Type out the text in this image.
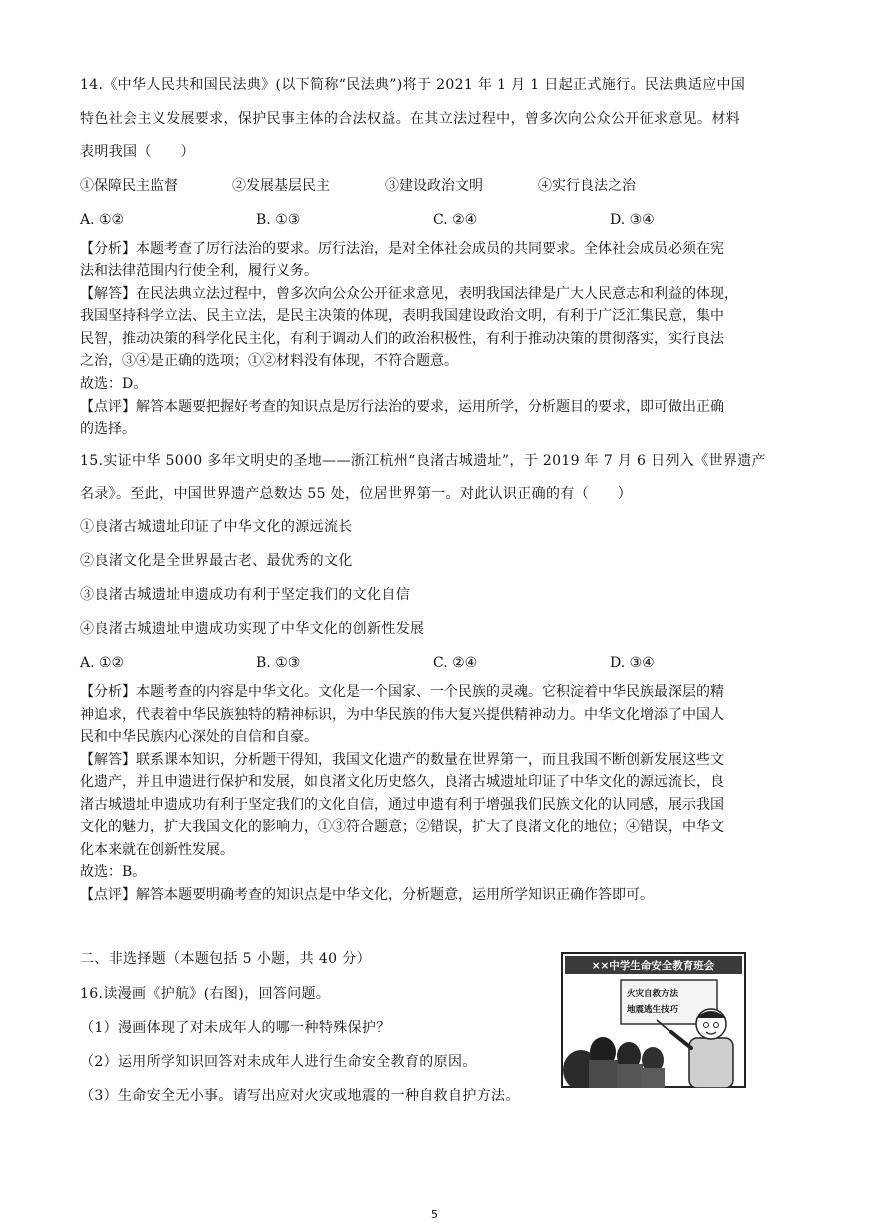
14.《中华人民共和国民法典》(以下简称“民法典”)将于 2021 年 1 月 1 日起正式施行。民法典适应中国
特色社会主义发展要求，保护民事主体的合法权益。在其立法过程中，曾多次向公众公开征求意见。材料
表明我国（　　）
①保障民主监督	②发展基层民主	③建设政治文明	④实行良法之治
A. ①②	B. ①③	C. ②④	D. ③④
【分析】本题考查了厉行法治的要求。厉行法治，是对全体社会成员的共同要求。全体社会成员必须在宪
法和法律范围内行使全利，履行义务。
【解答】在民法典立法过程中，曾多次向公众公开征求意见，表明我国法律是广大人民意志和利益的体现，
我国坚持科学立法、民主立法，是民主决策的体现，表明我国建设政治文明，有利于广泛汇集民意，集中
民智，推动决策的科学化民主化，有利于调动人们的政治积极性，有利于推动决策的贯彻落实，实行良法
之治，③④是正确的选项；①②材料没有体现，不符合题意。
故选：D。
【点评】解答本题要把握好考查的知识点是厉行法治的要求，运用所学，分析题目的要求，即可做出正确
的选择。
15.实证中华 5000 多年文明史的圣地——浙江杭州“良渚古城遗址”，于 2019 年 7 月 6 日列入《世界遗产
名录》。至此，中国世界遗产总数达 55 处，位居世界第一。对此认识正确的有（　　）
①良渚古城遗址印证了中华文化的源远流长
②良渚文化是全世界最古老、最优秀的文化
③良渚古城遗址申遗成功有利于坚定我们的文化自信
④良渚古城遗址申遗成功实现了中华文化的创新性发展
A. ①②	B. ①③	C. ②④	D. ③④
【分析】本题考查的内容是中华文化。文化是一个国家、一个民族的灵魂。它积淀着中华民族最深层的精
神追求，代表着中华民族独特的精神标识，为中华民族的伟大复兴提供精神动力。中华文化增添了中国人
民和中华民族内心深处的自信和自豪。
【解答】联系课本知识，分析题干得知，我国文化遗产的数量在世界第一，而且我国不断创新发展这些文
化遗产，并且申遗进行保护和发展，如良渚文化历史悠久，良渚古城遗址印证了中华文化的源远流长，良
渚古城遗址申遗成功有利于坚定我们的文化自信，通过申遗有利于增强我们民族文化的认同感，展示我国
文化的魅力，扩大我国文化的影响力，①③符合题意；②错误，扩大了良渚文化的地位；④错误，中华文
化本来就在创新性发展。
故选：B。
【点评】解答本题要明确考查的知识点是中华文化，分析题意，运用所学知识正确作答即可。
二、非选择题（本题包括 5 小题，共 40 分）
16.读漫画《护航》(右图)，回答问题。
（1）漫画体现了对未成年人的哪一种特殊保护？
（2）运用所学知识回答对未成年人进行生命安全教育的原因。
（3）生命安全无小事。请写出应对火灾或地震的一种自救自护方法。
××中学生命安全教育班会
火灾自救方法
地震逃生技巧
5
